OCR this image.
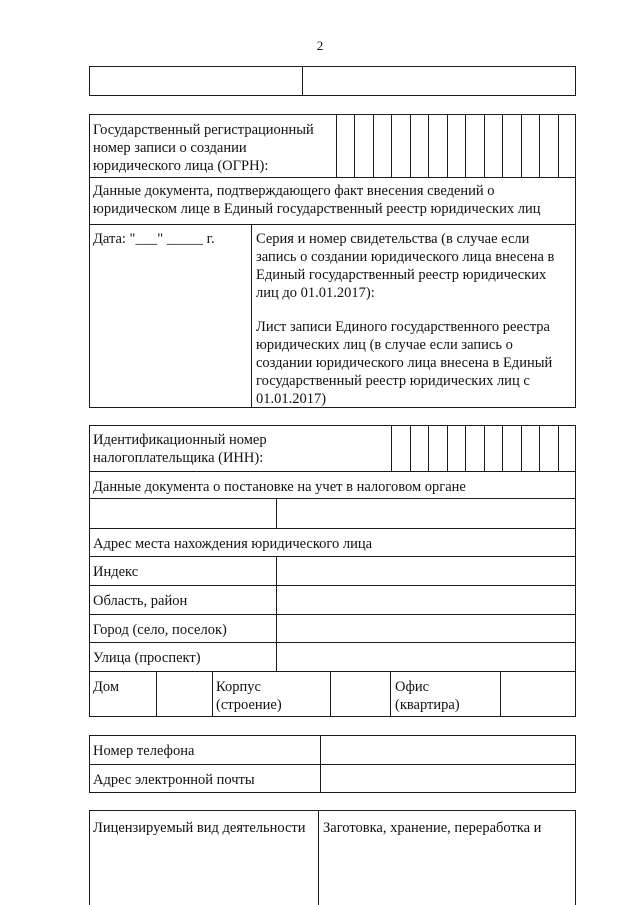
2
Государственный регистрационный
номер записи о создании
юридического лица (ОГРН):
Данные документа, подтверждающего факт внесения сведений о
юридическом лице в Единый государственный реестр юридических лиц
Дата: "___" _____ г.	Серия и номер свидетельства (в случае если
запись о создании юридического лица внесена в
Единый государственный реестр юридических
лиц до 01.01.2017):
Лист записи Единого государственного реестра
юридических лиц (в случае если запись о
создании юридического лица внесена в Единый
государственный реестр юридических лиц с
01.01.2017)
Идентификационный номер
налогоплательщика (ИНН):
Данные документа о постановке на учет в налоговом органе
Адрес места нахождения юридического лица
Индекс
Область, район
Город (село, поселок)
Улица (проспект)
Дом	Корпус
(строение)
Офис
(квартира)
Номер телефона
Адрес электронной почты
Лицензируемый вид деятельности Заготовка, хранение, переработка и
